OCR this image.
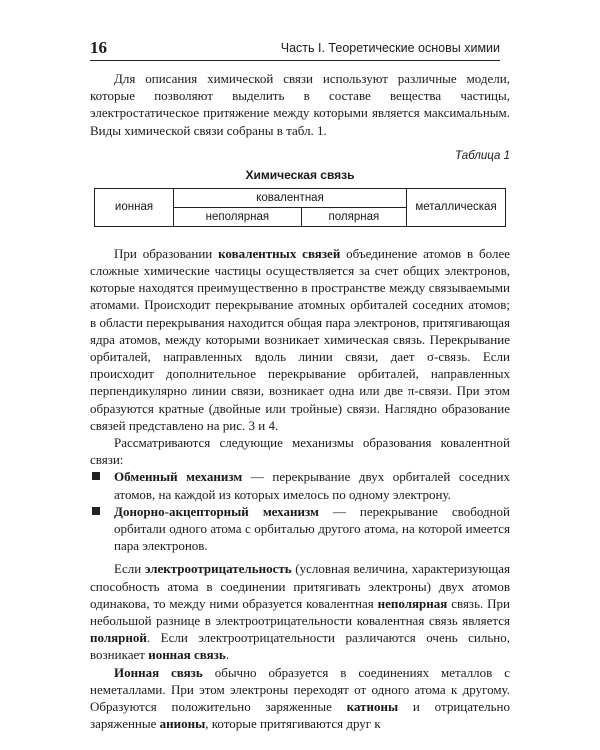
16	Часть I. Теоретические основы химии

Для описания химической связи используют различные модели, которые позволяют выделить в составе вещества частицы, электростатическое притяжение между которыми является максимальным. Виды химической связи собраны в табл. 1.

Таблица 1
Химическая связь
ионная	ковалентная		металлическая
	неполярная	полярная	

При образовании ковалентных связей объединение атомов в более сложные химические частицы осуществляется за счет общих электронов, которые находятся преимущественно в пространстве между связываемыми атомами. Происходит перекрывание атомных орбиталей соседних атомов; в области перекрывания находится общая пара электронов, притягивающая ядра атомов, между которыми возникает химическая связь. Перекрывание орбиталей, направленных вдоль линии связи, дает σ-связь. Если происходит дополнительное перекрывание орбиталей, направленных перпендикулярно линии связи, возникает одна или две π-связи. При этом образуются кратные (двойные или тройные) связи. Наглядно образование связей представлено на рис. 3 и 4.

Рассматриваются следующие механизмы образования ковалентной связи:

Обменный механизм — перекрывание двух орбиталей соседних атомов, на каждой из которых имелось по одному электрону.

Донорно-акцепторный механизм — перекрывание свободной орбитали одного атома с орбиталью другого атома, на которой имеется пара электронов.

Если электроотрицательность (условная величина, характеризующая способность атома в соединении притягивать электроны) двух атомов одинакова, то между ними образуется ковалентная неполярная связь. При небольшой разнице в электроотрицательности ковалентная связь является полярной. Если электроотрицательности различаются очень сильно, возникает ионная связь.

Ионная связь обычно образуется в соединениях металлов с неметаллами. При этом электроны переходят от одного атома к другому. Образуются положительно заряженные катионы и отрицательно заряженные анионы, которые притягиваются друг к
